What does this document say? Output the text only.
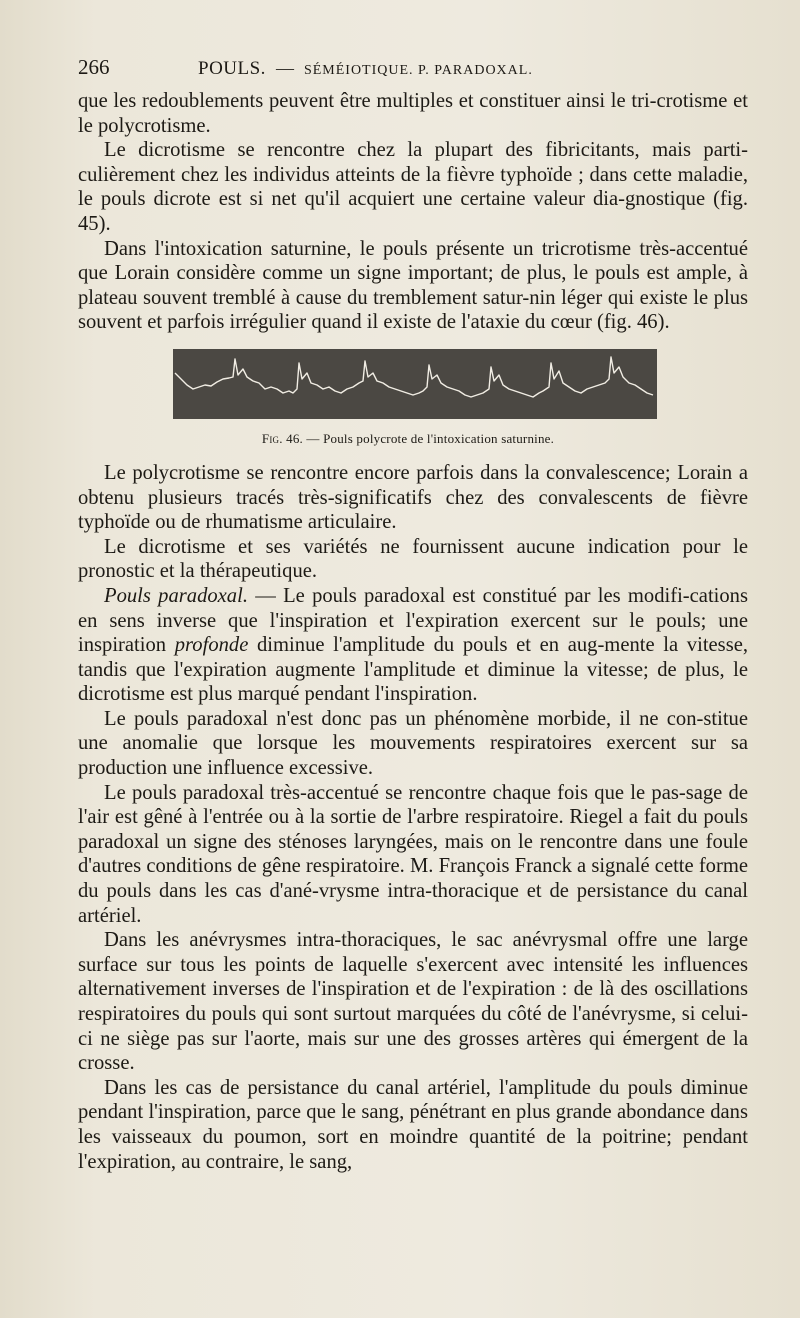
266	POULS. — SÉMÉIOTIQUE. P. PARADOXAL.

que les redoublements peuvent être multiples et constituer ainsi le tri-crotisme et le polycrotisme.

Le dicrotisme se rencontre chez la plupart des fibricitants, mais parti-culièrement chez les individus atteints de la fièvre typhoïde ; dans cette maladie, le pouls dicrote est si net qu'il acquiert une certaine valeur dia-gnostique (fig. 45).

Dans l'intoxication saturnine, le pouls présente un tricrotisme très-accentué que Lorain considère comme un signe important; de plus, le pouls est ample, à plateau souvent tremblé à cause du tremblement satur-nin léger qui existe le plus souvent et parfois irrégulier quand il existe de l'ataxie du cœur (fig. 46).

Fig. 46. — Pouls polycrote de l'intoxication saturnine.

Le polycrotisme se rencontre encore parfois dans la convalescence; Lorain a obtenu plusieurs tracés très-significatifs chez des convalescents de fièvre typhoïde ou de rhumatisme articulaire.

Le dicrotisme et ses variétés ne fournissent aucune indication pour le pronostic et la thérapeutique.

Pouls paradoxal. — Le pouls paradoxal est constitué par les modifi-cations en sens inverse que l'inspiration et l'expiration exercent sur le pouls; une inspiration profonde diminue l'amplitude du pouls et en aug-mente la vitesse, tandis que l'expiration augmente l'amplitude et diminue la vitesse; de plus, le dicrotisme est plus marqué pendant l'inspiration.

Le pouls paradoxal n'est donc pas un phénomène morbide, il ne con-stitue une anomalie que lorsque les mouvements respiratoires exercent sur sa production une influence excessive.

Le pouls paradoxal très-accentué se rencontre chaque fois que le pas-sage de l'air est gêné à l'entrée ou à la sortie de l'arbre respiratoire. Riegel a fait du pouls paradoxal un signe des sténoses laryngées, mais on le rencontre dans une foule d'autres conditions de gêne respiratoire. M. François Franck a signalé cette forme du pouls dans les cas d'ané-vrysme intra-thoracique et de persistance du canal artériel.

Dans les anévrysmes intra-thoraciques, le sac anévrysmal offre une large surface sur tous les points de laquelle s'exercent avec intensité les influences alternativement inverses de l'inspiration et de l'expiration : de là des oscillations respiratoires du pouls qui sont surtout marquées du côté de l'anévrysme, si celui-ci ne siège pas sur l'aorte, mais sur une des grosses artères qui émergent de la crosse.

Dans les cas de persistance du canal artériel, l'amplitude du pouls diminue pendant l'inspiration, parce que le sang, pénétrant en plus grande abondance dans les vaisseaux du poumon, sort en moindre quantité de la poitrine; pendant l'expiration, au contraire, le sang,
